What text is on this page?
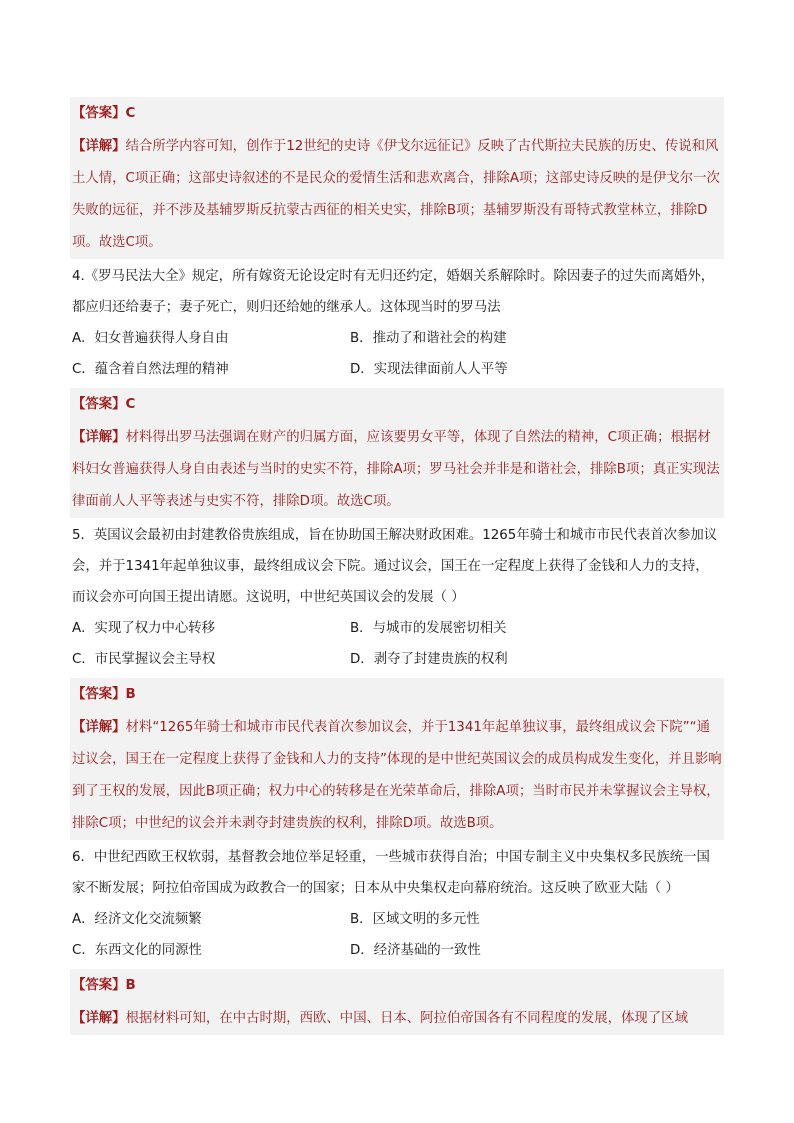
【答案】C
【详解】结合所学内容可知，创作于12世纪的史诗《伊戈尔远征记》反映了古代斯拉夫民族的历史、传说和风土人情，C项正确；这部史诗叙述的不是民众的爱情生活和悲欢离合，排除A项；这部史诗反映的是伊戈尔一次失败的远征，并不涉及基辅罗斯反抗蒙古西征的相关史实，排除B项；基辅罗斯没有哥特式教堂林立，排除D项。故选C项。
4.《罗马民法大全》规定，所有嫁资无论设定时有无归还约定，婚姻关系解除时。除因妻子的过失而离婚外，都应归还给妻子；妻子死亡，则归还给她的继承人。这体现当时的罗马法
A．妇女普遍获得人身自由	B．推动了和谐社会的构建
C．蕴含着自然法理的精神	D．实现法律面前人人平等
【答案】C
【详解】材料得出罗马法强调在财产的归属方面，应该要男女平等，体现了自然法的精神，C项正确；根据材料妇女普遍获得人身自由表述与当时的史实不符，排除A项；罗马社会并非是和谐社会，排除B项；真正实现法律面前人人平等表述与史实不符，排除D项。故选C项。
5．英国议会最初由封建教俗贵族组成，旨在协助国王解决财政困难。1265年骑士和城市市民代表首次参加议会，并于1341年起单独议事，最终组成议会下院。通过议会，国王在一定程度上获得了金钱和人力的支持，而议会亦可向国王提出请愿。这说明，中世纪英国议会的发展（ ）
A．实现了权力中心转移	B．与城市的发展密切相关
C．市民掌握议会主导权	D．剥夺了封建贵族的权利
【答案】B
【详解】材料“1265年骑士和城市市民代表首次参加议会，并于1341年起单独议事，最终组成议会下院”“通过议会，国王在一定程度上获得了金钱和人力的支持”体现的是中世纪英国议会的成员构成发生变化，并且影响到了王权的发展，因此B项正确；权力中心的转移是在光荣革命后，排除A项；当时市民并未掌握议会主导权，排除C项；中世纪的议会并未剥夺封建贵族的权利，排除D项。故选B项。
6．中世纪西欧王权软弱，基督教会地位举足轻重，一些城市获得自治；中国专制主义中央集权多民族统一国家不断发展；阿拉伯帝国成为政教合一的国家；日本从中央集权走向幕府统治。这反映了欧亚大陆（ ）
A．经济文化交流频繁	B．区域文明的多元性
C．东西文化的同源性	D．经济基础的一致性
【答案】B
【详解】根据材料可知，在中古时期，西欧、中国、日本、阿拉伯帝国各有不同程度的发展，体现了区域
